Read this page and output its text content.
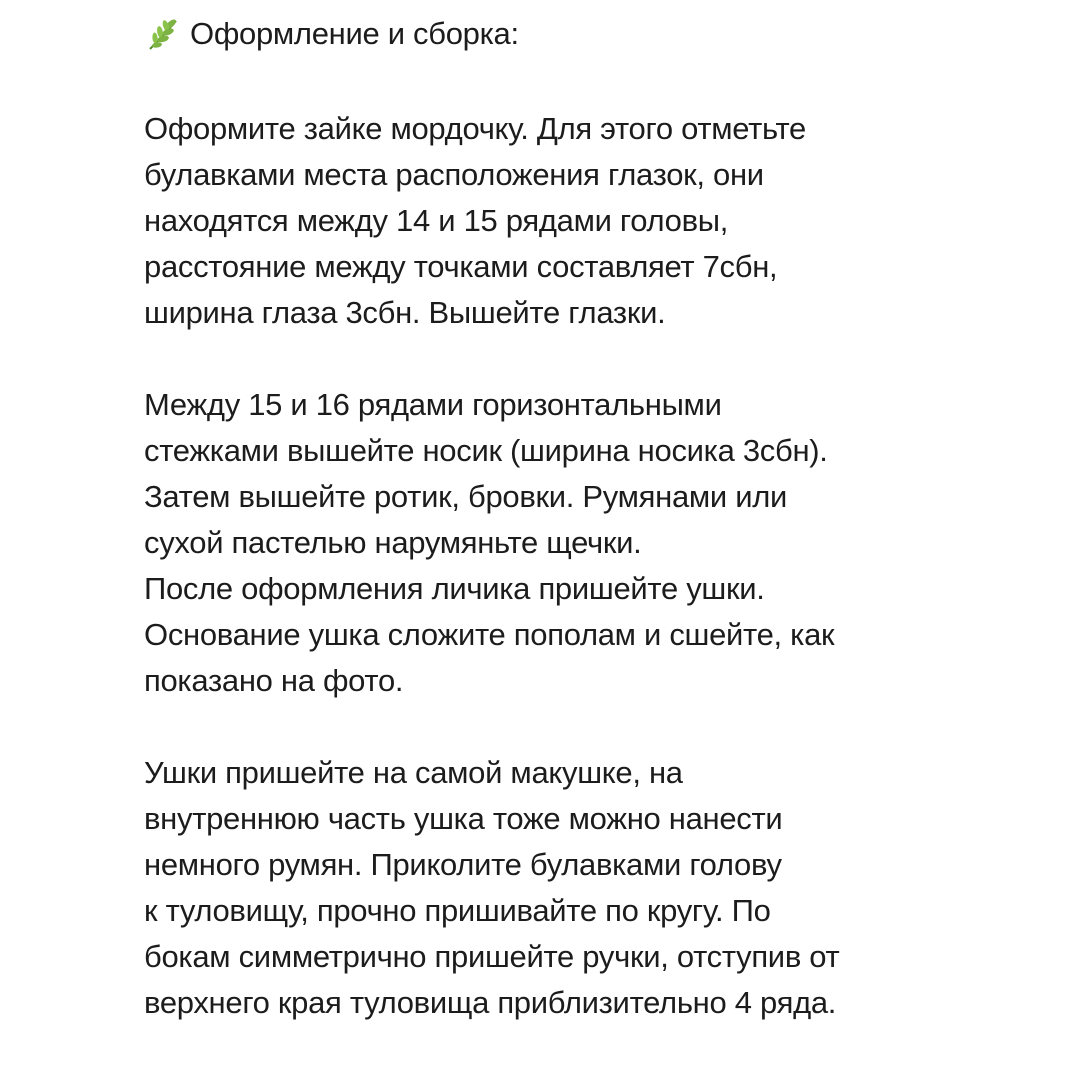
Оформление и сборка:
Оформите зайке мордочку. Для этого отметьте
булавками места расположения глазок, они
находятся между 14 и 15 рядами головы,
расстояние между точками составляет 7сбн,
ширина глаза 3сбн. Вышейте глазки.
Между 15 и 16 рядами горизонтальными
стежками вышейте носик (ширина носика 3сбн).
Затем вышейте ротик, бровки. Румянами или
сухой пастелью нарумяньте щечки.
После оформления личика пришейте ушки.
Основание ушка сложите пополам и сшейте, как
показано на фото.
Ушки пришейте на самой макушке, на
внутреннюю часть ушка тоже можно нанести
немного румян. Приколите булавками голову
к туловищу, прочно пришивайте по кругу. По
бокам симметрично пришейте ручки, отступив от
верхнего края туловища приблизительно 4 ряда.
